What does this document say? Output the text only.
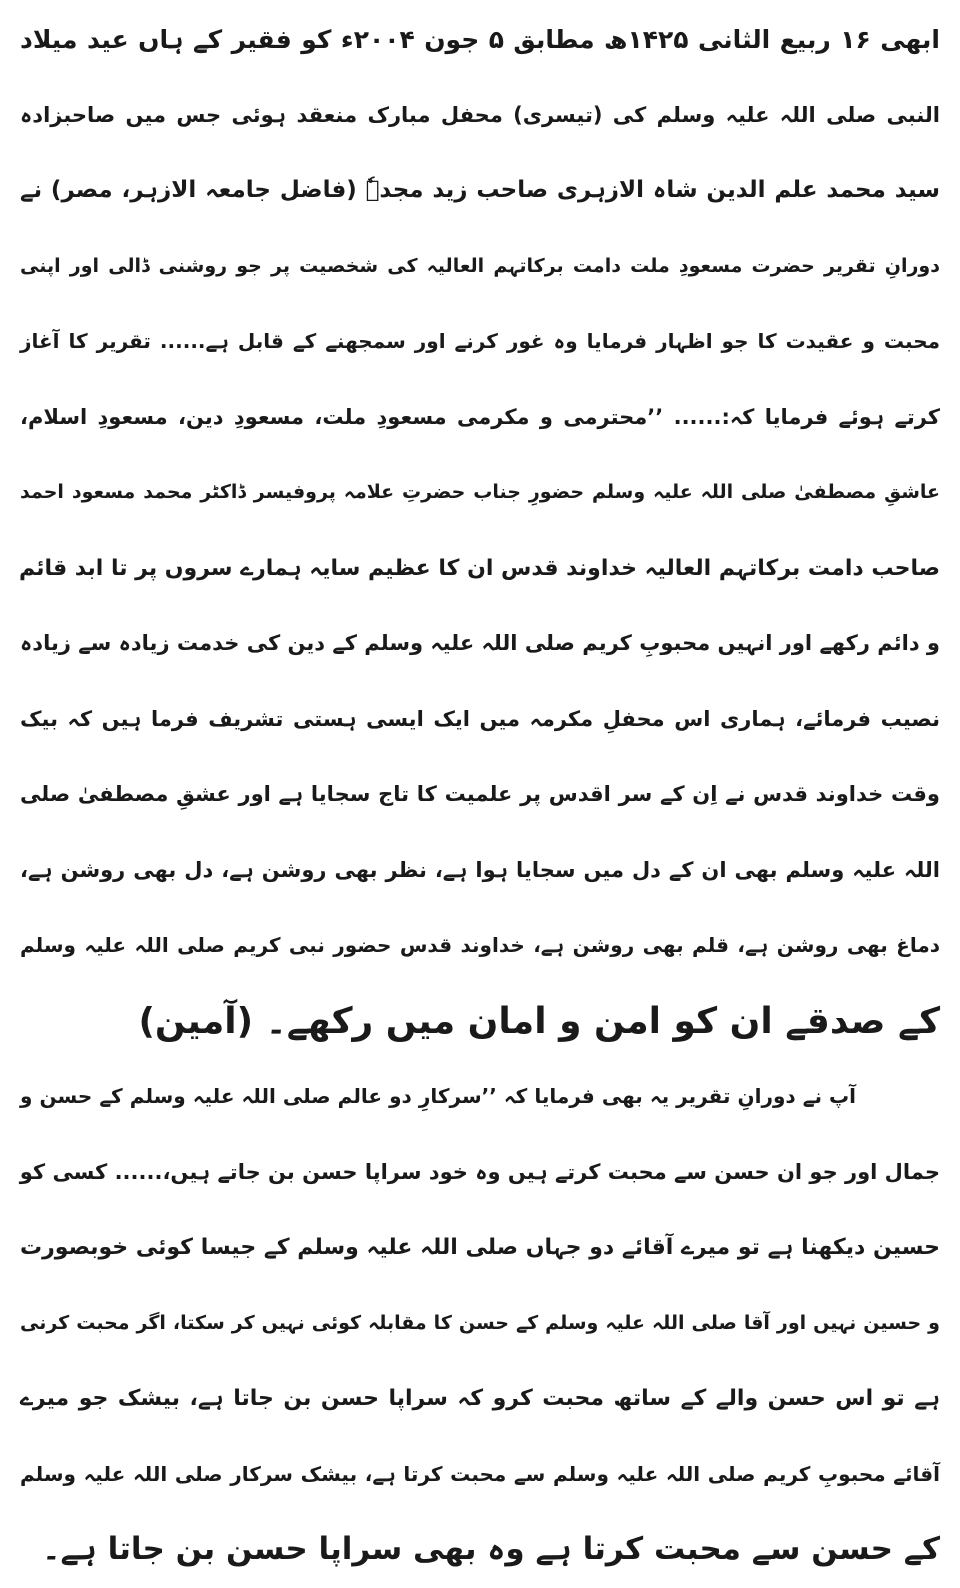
ابھی ۱۶ ربیع الثانی ۱۴۲۵ھ مطابق ۵ جون ۲۰۰۴ء کو فقیر کے ہاں عید میلاد
النبی صلی اللہ علیہ وسلم کی (تیسری) محفل مبارک منعقد ہوئی جس میں صاحبزادہ
سید محمد علم الدین شاہ الازہری صاحب زید مجدہٗ (فاضل جامعہ الازہر، مصر) نے
دورانِ تقریر حضرت مسعودِ ملت دامت برکاتہم العالیہ کی شخصیت پر جو روشنی ڈالی اور اپنی
محبت و عقیدت کا جو اظہار فرمایا وہ غور کرنے اور سمجھنے کے قابل ہے...... تقریر کا آغاز
کرتے ہوئے فرمایا کہ:...... ’’محترمی و مکرمی مسعودِ ملت، مسعودِ دین، مسعودِ اسلام،
عاشقِ مصطفیٰ صلی اللہ علیہ وسلم حضورِ جناب حضرتِ علامہ پروفیسر ڈاکٹر محمد مسعود احمد
صاحب دامت برکاتہم العالیہ خداوند قدس ان کا عظیم سایہ ہمارے سروں پر تا ابد قائم
و دائم رکھے اور انہیں محبوبِ کریم صلی اللہ علیہ وسلم کے دین کی خدمت زیادہ سے زیادہ
نصیب فرمائے، ہماری اس محفلِ مکرمہ میں ایک ایسی ہستی تشریف فرما ہیں کہ بیک
وقت خداوند قدس نے اِن کے سر اقدس پر علمیت کا تاج سجایا ہے اور عشقِ مصطفیٰ صلی
اللہ علیہ وسلم بھی ان کے دل میں سجایا ہوا ہے، نظر بھی روشن ہے، دل بھی روشن ہے،
دماغ بھی روشن ہے، قلم بھی روشن ہے، خداوند قدس حضور نبی کریم صلی اللہ علیہ وسلم
کے صدقے ان کو امن و امان میں رکھے۔ (آمین)
آپ نے دورانِ تقریر یہ بھی فرمایا کہ ’’سرکارِ دو عالم صلی اللہ علیہ وسلم کے حسن و
جمال اور جو ان حسن سے محبت کرتے ہیں وہ خود سراپا حسن بن جاتے ہیں،...... کسی کو
حسین دیکھنا ہے تو میرے آقائے دو جہاں صلی اللہ علیہ وسلم کے جیسا کوئی خوبصورت
و حسین نہیں اور آقا صلی اللہ علیہ وسلم کے حسن کا مقابلہ کوئی نہیں کر سکتا، اگر محبت کرنی
ہے تو اس حسن والے کے ساتھ محبت کرو کہ سراپا حسن بن جاتا ہے، بیشک جو میرے
آقائے محبوبِ کریم صلی اللہ علیہ وسلم سے محبت کرتا ہے، بیشک سرکار صلی اللہ علیہ وسلم
کے حسن سے محبت کرتا ہے وہ بھی سراپا حسن بن جاتا ہے۔
